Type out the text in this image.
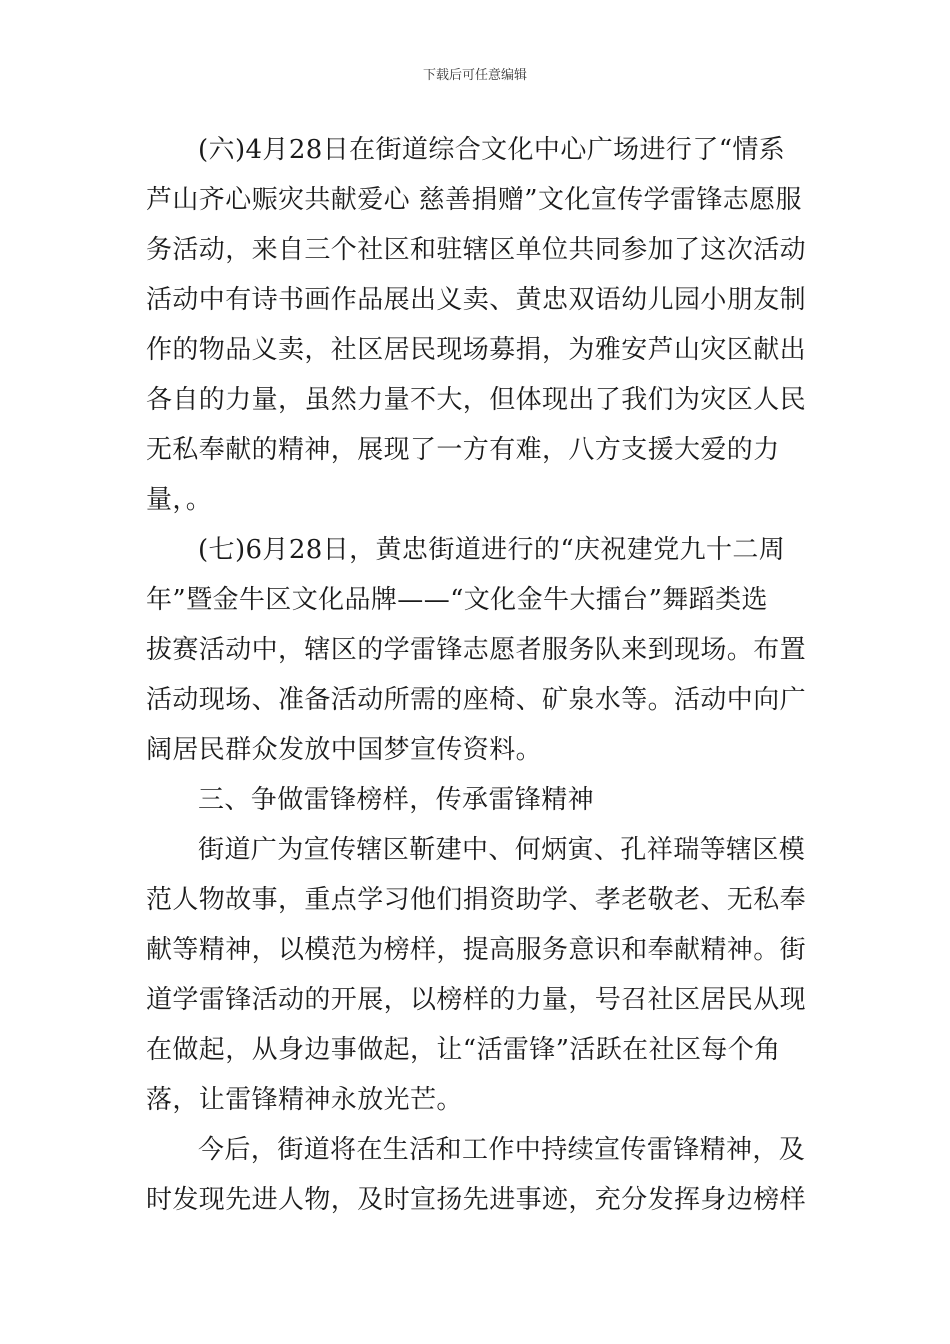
下载后可任意编辑
(六)4月28日在街道综合文化中心广场进行了“情系
芦山齐心赈灾共献爱心 慈善捐赠”文化宣传学雷锋志愿服
务活动，来自三个社区和驻辖区单位共同参加了这次活动
活动中有诗书画作品展出义卖、黄忠双语幼儿园小朋友制
作的物品义卖，社区居民现场募捐，为雅安芦山灾区献出
各自的力量，虽然力量不大，但体现出了我们为灾区人民
无私奉献的精神，展现了一方有难，八方支援大爱的力
量，。
(七)6月28日，黄忠街道进行的“庆祝建党九十二周
年”暨金牛区文化品牌——“文化金牛大擂台”舞蹈类选
拔赛活动中，辖区的学雷锋志愿者服务队来到现场。布置
活动现场、准备活动所需的座椅、矿泉水等。活动中向广
阔居民群众发放中国梦宣传资料。
三、争做雷锋榜样，传承雷锋精神
街道广为宣传辖区靳建中、何炳寅、孔祥瑞等辖区模
范人物故事，重点学习他们捐资助学、孝老敬老、无私奉
献等精神，以模范为榜样，提高服务意识和奉献精神。街
道学雷锋活动的开展，以榜样的力量，号召社区居民从现
在做起，从身边事做起，让“活雷锋”活跃在社区每个角
落，让雷锋精神永放光芒。
今后，街道将在生活和工作中持续宣传雷锋精神，及
时发现先进人物，及时宣扬先进事迹，充分发挥身边榜样
